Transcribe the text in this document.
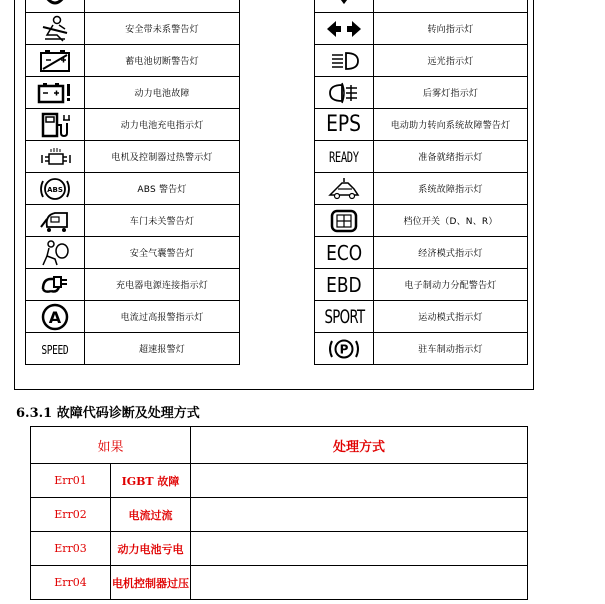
	安全带未系警告灯

	蓄电池切断警告灯

	动力电池故障

	动力电池充电指示灯

	电机及控制器过热警示灯

ABS	ABS 警告灯

	车门未关警告灯

	安全气囊警告灯

	充电器电源连接指示灯

A	电流过高报警指示灯
SPEED	超速报警灯

	转向指示灯

	远光指示灯

	后雾灯指示灯
EPS	电动助力转向系统故障警告灯
READY	准备就绪指示灯

	系统故障指示灯

	档位开关（D、N、R）
ECO	经济模式指示灯
EBD	电子制动力分配警告灯
SPORT	运动模式指示灯

P	驻车制动指示灯
6.3.1 故障代码诊断及处理方式
如果		处理方式
Err01	IGBT 故障	
Err02	电流过流	
Err03	动力电池亏电	
Err04	电机控制器过压	
